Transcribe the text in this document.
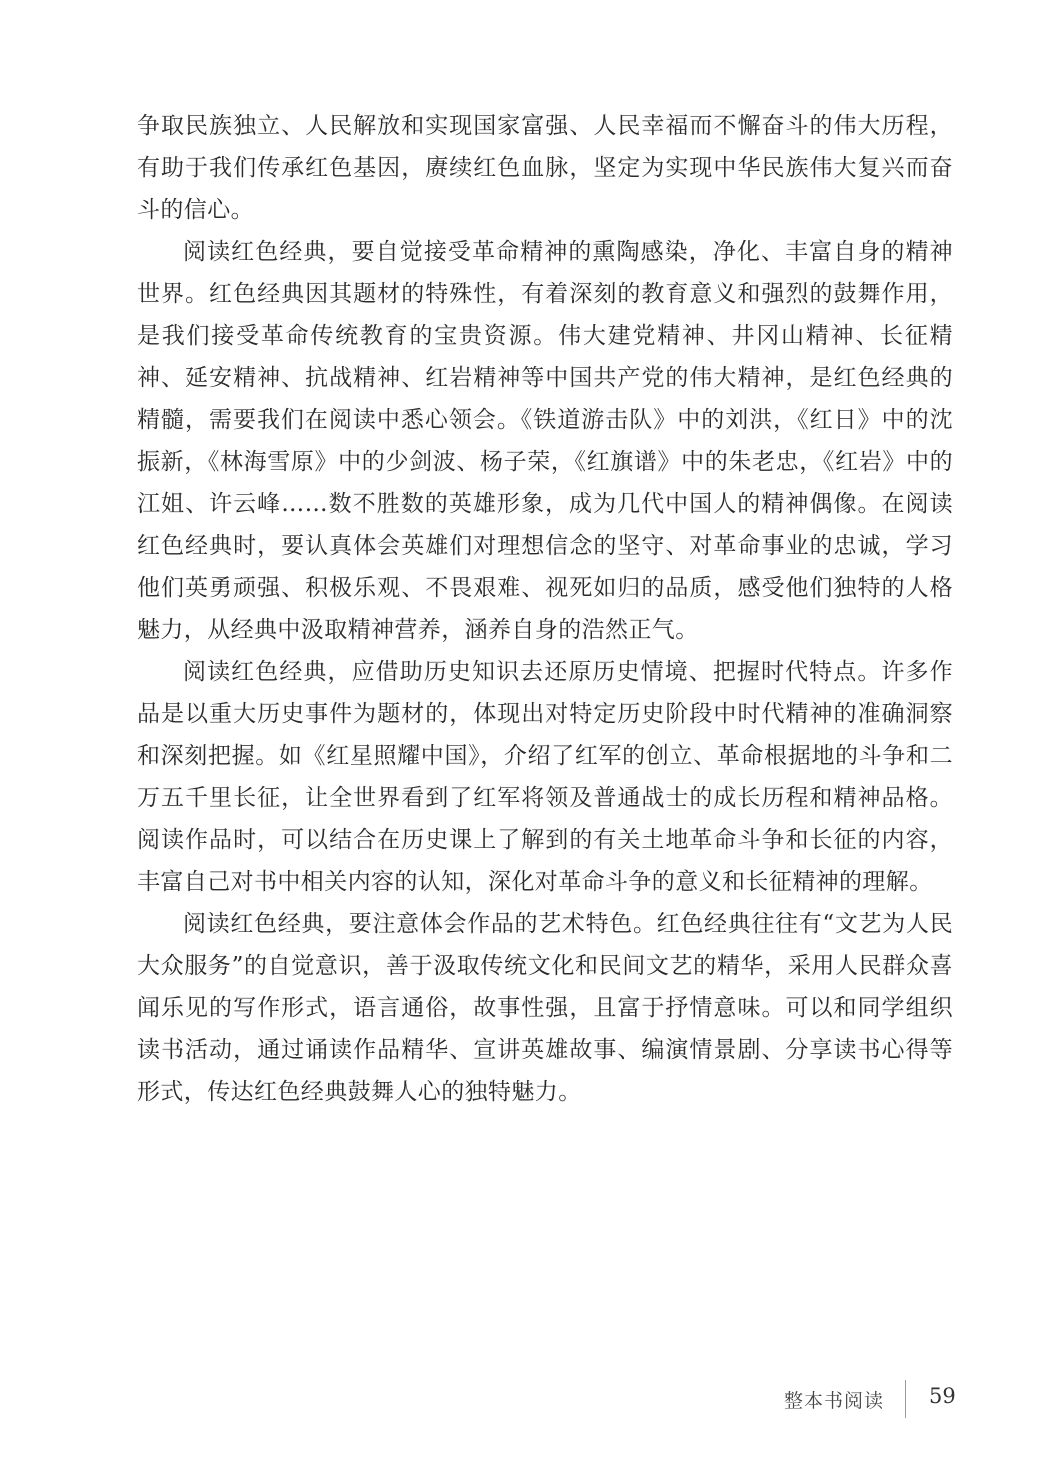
争取民族独立、人民解放和实现国家富强、人民幸福而不懈奋斗的伟大历程，有助于我们传承红色基因，赓续红色血脉，坚定为实现中华民族伟大复兴而奋斗的信心。

阅读红色经典，要自觉接受革命精神的熏陶感染，净化、丰富自身的精神世界。红色经典因其题材的特殊性，有着深刻的教育意义和强烈的鼓舞作用，是我们接受革命传统教育的宝贵资源。伟大建党精神、井冈山精神、长征精神、延安精神、抗战精神、红岩精神等中国共产党的伟大精神，是红色经典的精髓，需要我们在阅读中悉心领会。《铁道游击队》中的刘洪，《红日》中的沈振新，《林海雪原》中的少剑波、杨子荣，《红旗谱》中的朱老忠，《红岩》中的江姐、许云峰……数不胜数的英雄形象，成为几代中国人的精神偶像。在阅读红色经典时，要认真体会英雄们对理想信念的坚守、对革命事业的忠诚，学习他们英勇顽强、积极乐观、不畏艰难、视死如归的品质，感受他们独特的人格魅力，从经典中汲取精神营养，涵养自身的浩然正气。

阅读红色经典，应借助历史知识去还原历史情境、把握时代特点。许多作品是以重大历史事件为题材的，体现出对特定历史阶段中时代精神的准确洞察和深刻把握。如《红星照耀中国》，介绍了红军的创立、革命根据地的斗争和二万五千里长征，让全世界看到了红军将领及普通战士的成长历程和精神品格。阅读作品时，可以结合在历史课上了解到的有关土地革命斗争和长征的内容，丰富自己对书中相关内容的认知，深化对革命斗争的意义和长征精神的理解。

阅读红色经典，要注意体会作品的艺术特色。红色经典往往有“文艺为人民大众服务”的自觉意识，善于汲取传统文化和民间文艺的精华，采用人民群众喜闻乐见的写作形式，语言通俗，故事性强，且富于抒情意味。可以和同学组织读书活动，通过诵读作品精华、宣讲英雄故事、编演情景剧、分享读书心得等形式，传达红色经典鼓舞人心的独特魅力。

整本书阅读 59
